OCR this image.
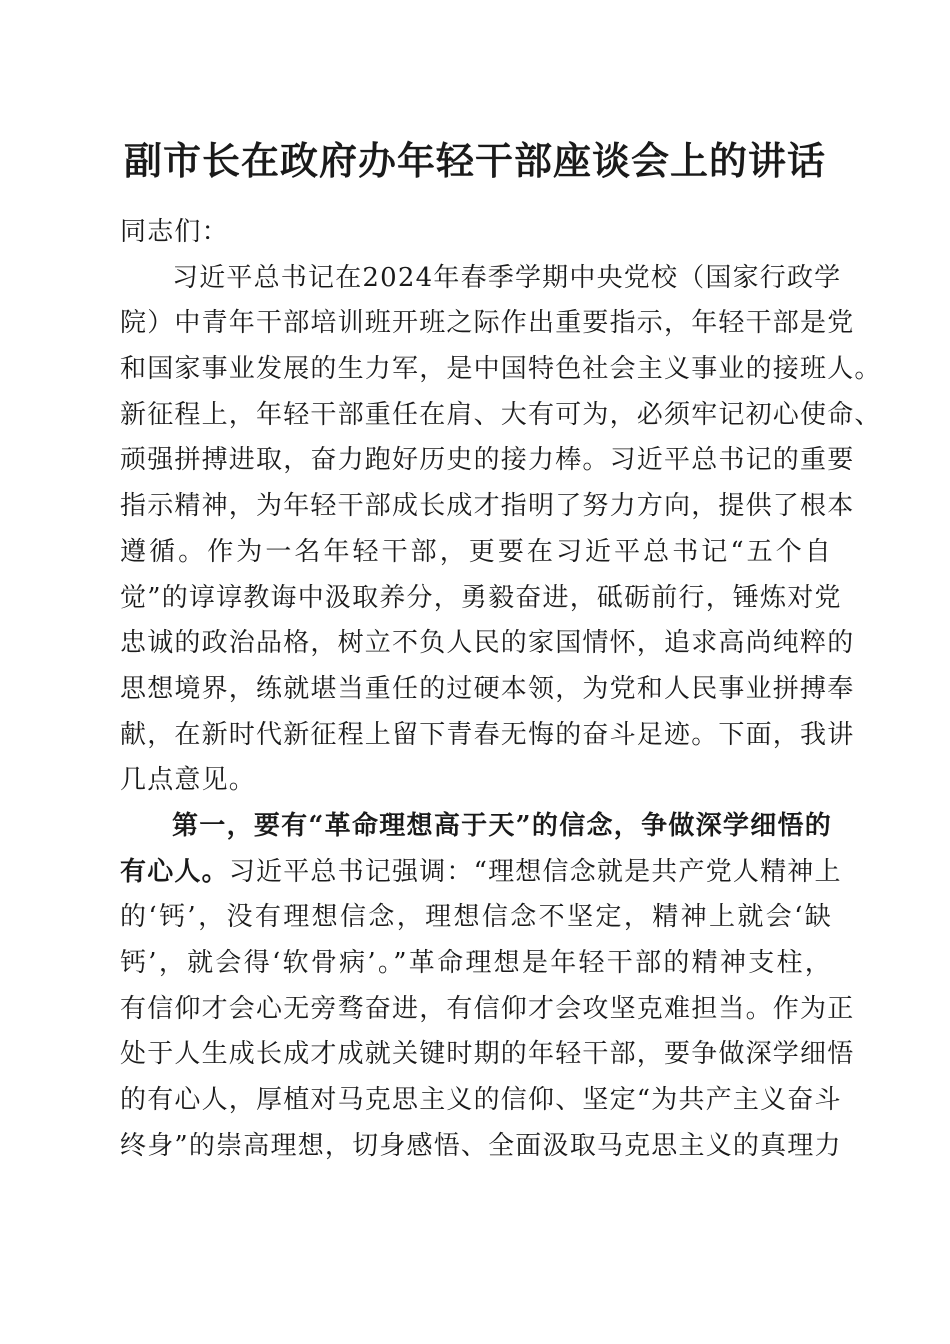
副市长在政府办年轻干部座谈会上的讲话
同志们：
习近平总书记在2024年春季学期中央党校（国家行政学
院）中青年干部培训班开班之际作出重要指示，年轻干部是党
和国家事业发展的生力军，是中国特色社会主义事业的接班人。
新征程上，年轻干部重任在肩、大有可为，必须牢记初心使命、
顽强拼搏进取，奋力跑好历史的接力棒。习近平总书记的重要
指示精神，为年轻干部成长成才指明了努力方向，提供了根本
遵循。作为一名年轻干部，更要在习近平总书记“五个自
觉”的谆谆教诲中汲取养分，勇毅奋进，砥砺前行，锤炼对党
忠诚的政治品格，树立不负人民的家国情怀，追求高尚纯粹的
思想境界，练就堪当重任的过硬本领，为党和人民事业拼搏奉
献，在新时代新征程上留下青春无悔的奋斗足迹。下面，我讲
几点意见。
第一，要有“革命理想高于天”的信念，争做深学细悟的
有心人。习近平总书记强调：“理想信念就是共产党人精神上
的‘钙’，没有理想信念，理想信念不坚定，精神上就会‘缺
钙’，就会得‘软骨病’。”革命理想是年轻干部的精神支柱，
有信仰才会心无旁骛奋进，有信仰才会攻坚克难担当。作为正
处于人生成长成才成就关键时期的年轻干部，要争做深学细悟
的有心人，厚植对马克思主义的信仰、坚定“为共产主义奋斗
终身”的崇高理想，切身感悟、全面汲取马克思主义的真理力
